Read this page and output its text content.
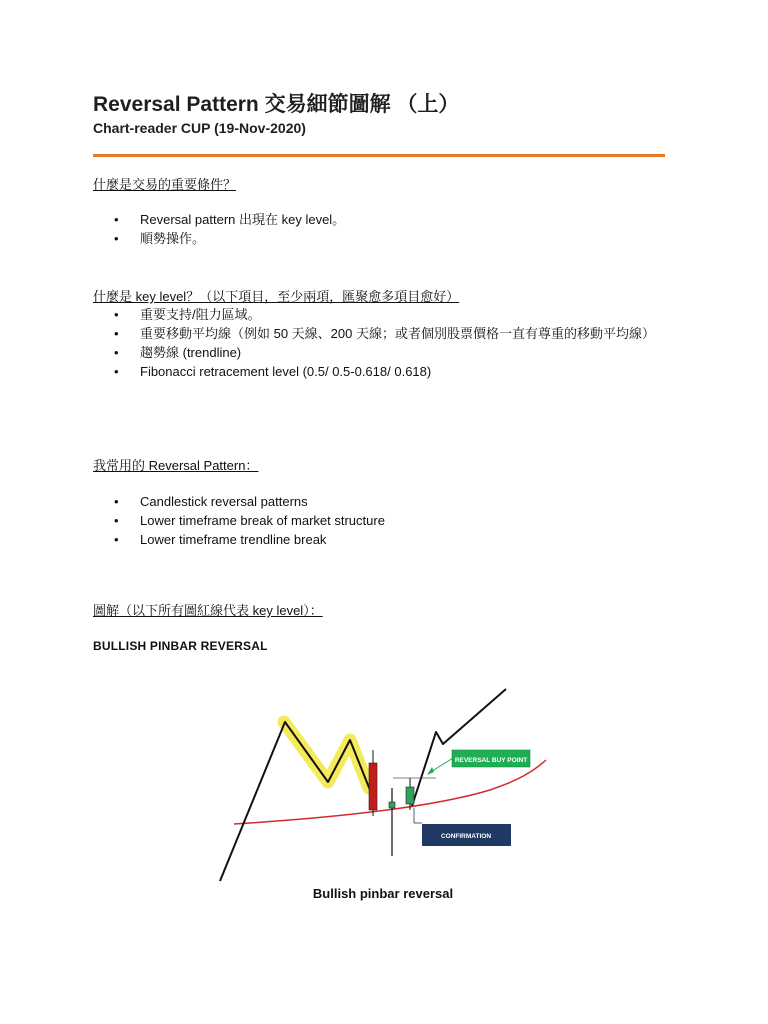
Reversal Pattern 交易細節圖解 （上）
Chart-reader CUP (19-Nov-2020)
什麼是交易的重要條件？
• Reversal pattern 出現在 key level。
• 順勢操作。
什麼是 key level？（以下項目，至少兩項，匯聚愈多項目愈好）
• 重要支持/阻力區域。
• 重要移動平均線（例如 50 天線、200 天線；或者個別股票價格一直有尊重的移動平均線）
• 趨勢線 (trendline)
• Fibonacci retracement level (0.5/ 0.5-0.618/ 0.618)
我常用的 Reversal Pattern：
• Candlestick reversal patterns
• Lower timeframe break of market structure
• Lower timeframe trendline break
圖解（以下所有圖紅線代表 key level）：
BULLISH PINBAR REVERSAL
Bullish pinbar reversal
REVERSAL BUY POINT
CONFIRMATION
